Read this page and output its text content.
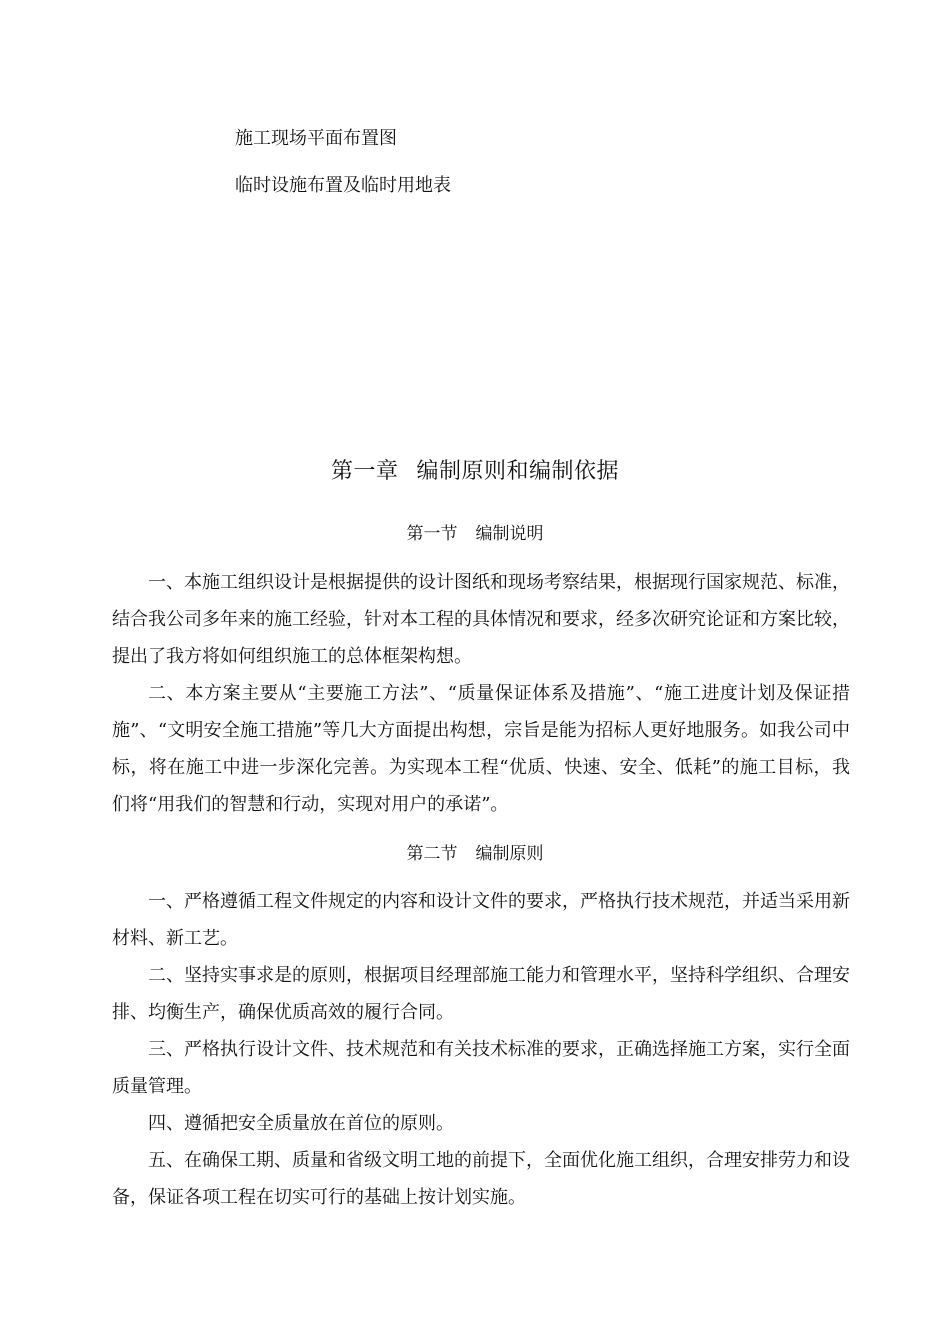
施工现场平面布置图
临时设施布置及临时用地表
第一章 编制原则和编制依据
第一节 编制说明

一、本施工组织设计是根据提供的设计图纸和现场考察结果，根据现行国家规范、标准，结合我公司多年来的施工经验，针对本工程的具体情况和要求，经多次研究论证和方案比较，提出了我方将如何组织施工的总体框架构想。

二、本方案主要从“主要施工方法”、“质量保证体系及措施”、“施工进度计划及保证措施”、“文明安全施工措施”等几大方面提出构想，宗旨是能为招标人更好地服务。如我公司中标，将在施工中进一步深化完善。为实现本工程“优质、快速、安全、低耗”的施工目标，我们将“用我们的智慧和行动，实现对用户的承诺”。

第二节 编制原则

一、严格遵循工程文件规定的内容和设计文件的要求，严格执行技术规范，并适当采用新材料、新工艺。

二、坚持实事求是的原则，根据项目经理部施工能力和管理水平，坚持科学组织、合理安排、均衡生产，确保优质高效的履行合同。

三、严格执行设计文件、技术规范和有关技术标准的要求，正确选择施工方案，实行全面质量管理。

四、遵循把安全质量放在首位的原则。

五、在确保工期、质量和省级文明工地的前提下，全面优化施工组织，合理安排劳力和设备，保证各项工程在切实可行的基础上按计划实施。
